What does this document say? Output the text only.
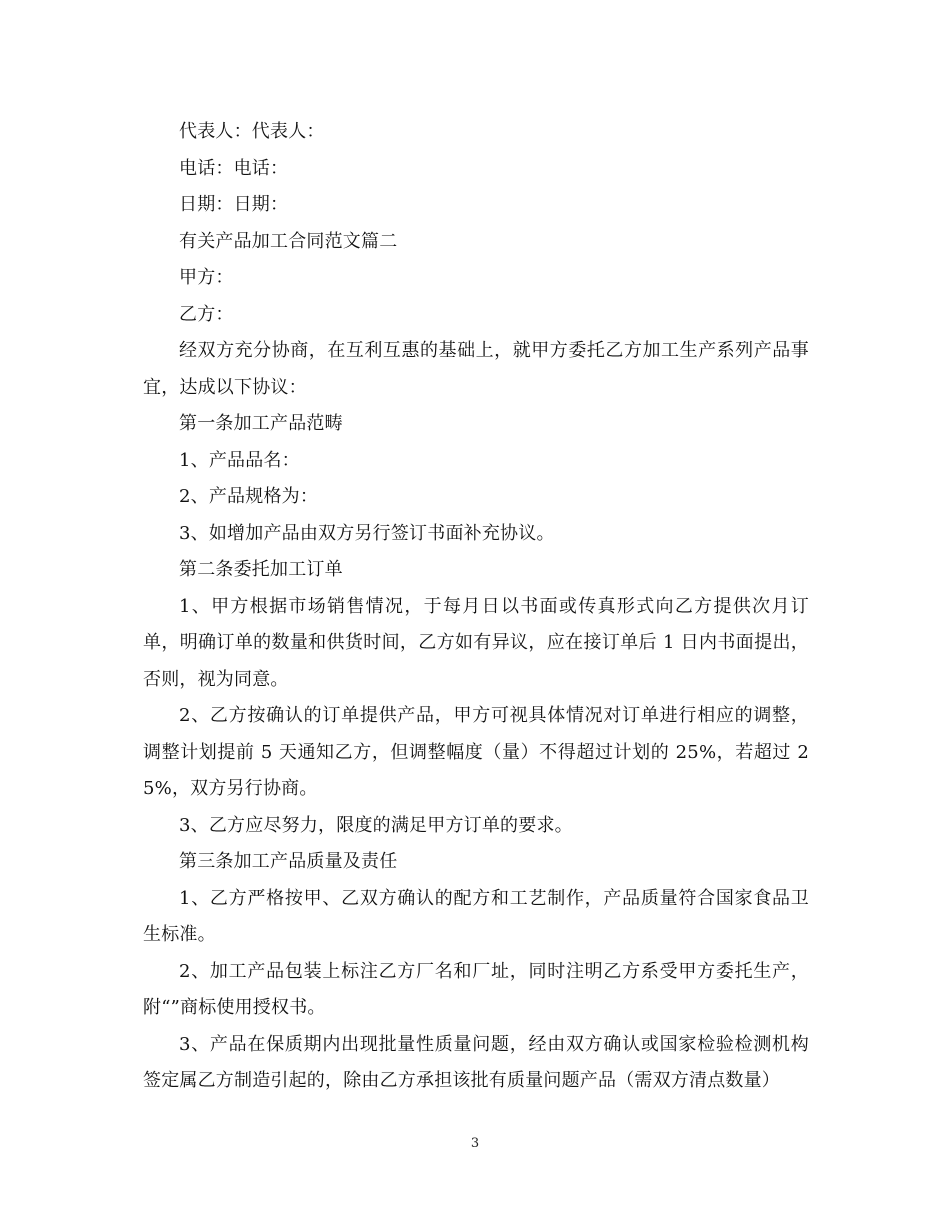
代表人：代表人：

电话：电话：

日期：日期：

有关产品加工合同范文篇二

甲方：

乙方：

经双方充分协商，在互利互惠的基础上，就甲方委托乙方加工生产系列产品事宜，达成以下协议：

第一条加工产品范畴

1、产品品名：

2、产品规格为：

3、如增加产品由双方另行签订书面补充协议。

第二条委托加工订单

1、甲方根据市场销售情况，于每月日以书面或传真形式向乙方提供次月订单，明确订单的数量和供货时间，乙方如有异议，应在接订单后 1 日内书面提出，否则，视为同意。

2、乙方按确认的订单提供产品，甲方可视具体情况对订单进行相应的调整，调整计划提前 5 天通知乙方，但调整幅度（量）不得超过计划的 25%，若超过 25%，双方另行协商。

3、乙方应尽努力，限度的满足甲方订单的要求。

第三条加工产品质量及责任

1、乙方严格按甲、乙双方确认的配方和工艺制作，产品质量符合国家食品卫生标准。

2、加工产品包装上标注乙方厂名和厂址，同时注明乙方系受甲方委托生产，附“”商标使用授权书。

3、产品在保质期内出现批量性质量问题，经由双方确认或国家检验检测机构签定属乙方制造引起的，除由乙方承担该批有质量问题产品（需双方清点数量）

3
